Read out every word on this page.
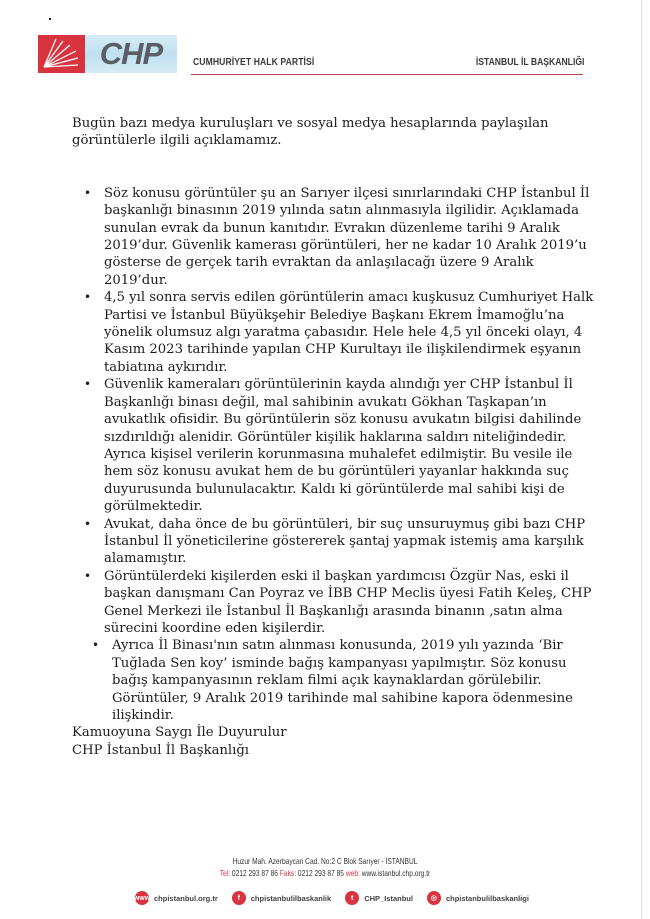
CHP	CUMHURİYET HALK PARTİSİ	İSTANBUL İL BAŞKANLIĞI

Bugün bazı medya kuruluşları ve sosyal medya hesaplarında paylaşılan görüntülerle ilgili açıklamamız.

• Söz konusu görüntüler şu an Sarıyer ilçesi sınırlarındaki CHP İstanbul İl başkanlığı binasının 2019 yılında satın alınmasıyla ilgilidir. Açıklamada sunulan evrak da bunun kanıtıdır. Evrakın düzenleme tarihi 9 Aralık 2019’dur. Güvenlik kamerası görüntüleri, her ne kadar 10 Aralık 2019’u gösterse de gerçek tarih evraktan da anlaşılacağı üzere 9 Aralık 2019’dur.
• 4,5 yıl sonra servis edilen görüntülerin amacı kuşkusuz Cumhuriyet Halk Partisi ve İstanbul Büyükşehir Belediye Başkanı Ekrem İmamoğlu’na yönelik olumsuz algı yaratma çabasıdır. Hele hele 4,5 yıl önceki olayı, 4 Kasım 2023 tarihinde yapılan CHP Kurultayı ile ilişkilendirmek eşyanın tabiatına aykırıdır.
• Güvenlik kameraları görüntülerinin kayda alındığı yer CHP İstanbul İl Başkanlığı binası değil, mal sahibinin avukatı Gökhan Taşkapan’ın avukatlık ofisidir. Bu görüntülerin söz konusu avukatın bilgisi dahilinde sızdırıldığı alenidir. Görüntüler kişilik haklarına saldırı niteliğindedir. Ayrıca kişisel verilerin korunmasına muhalefet edilmiştir. Bu vesile ile hem söz konusu avukat hem de bu görüntüleri yayanlar hakkında suç duyurusunda bulunulacaktır. Kaldı ki görüntülerde mal sahibi kişi de görülmektedir.
• Avukat, daha önce de bu görüntüleri, bir suç unsuruymuş gibi bazı CHP İstanbul İl yöneticilerine göstererek şantaj yapmak istemiş ama karşılık alamamıştır.
• Görüntülerdeki kişilerden eski il başkan yardımcısı Özgür Nas, eski il başkan danışmanı Can Poyraz ve İBB CHP Meclis üyesi Fatih Keleş, CHP Genel Merkezi ile İstanbul İl Başkanlığı arasında binanın ,satın alma sürecini koordine eden kişilerdir.
• Ayrıca İl Binası'nın satın alınması konusunda, 2019 yılı yazında ‘Bir Tuğlada Sen koy’ isminde bağış kampanyası yapılmıştır. Söz konusu bağış kampanyasının reklam filmi açık kaynaklardan görülebilir. Görüntüler, 9 Aralık 2019 tarihinde mal sahibine kapora ödenmesine ilişkindir.

Kamuoyuna Saygı İle Duyurulur

CHP İstanbul İl Başkanlığı

Huzur Mah. Azerbaycan Cad. No:2 C Blok Sarıyer - İSTANBUL
Tel: 0212 293 87 86 Faks: 0212 293 87 85 web: www.istanbul.chp.org.tr
www chpistanbul.org.tr	f	chpistanbulilbaskanlik	t	CHP_Istanbul	◎	chpistanbulilbaskanligi
